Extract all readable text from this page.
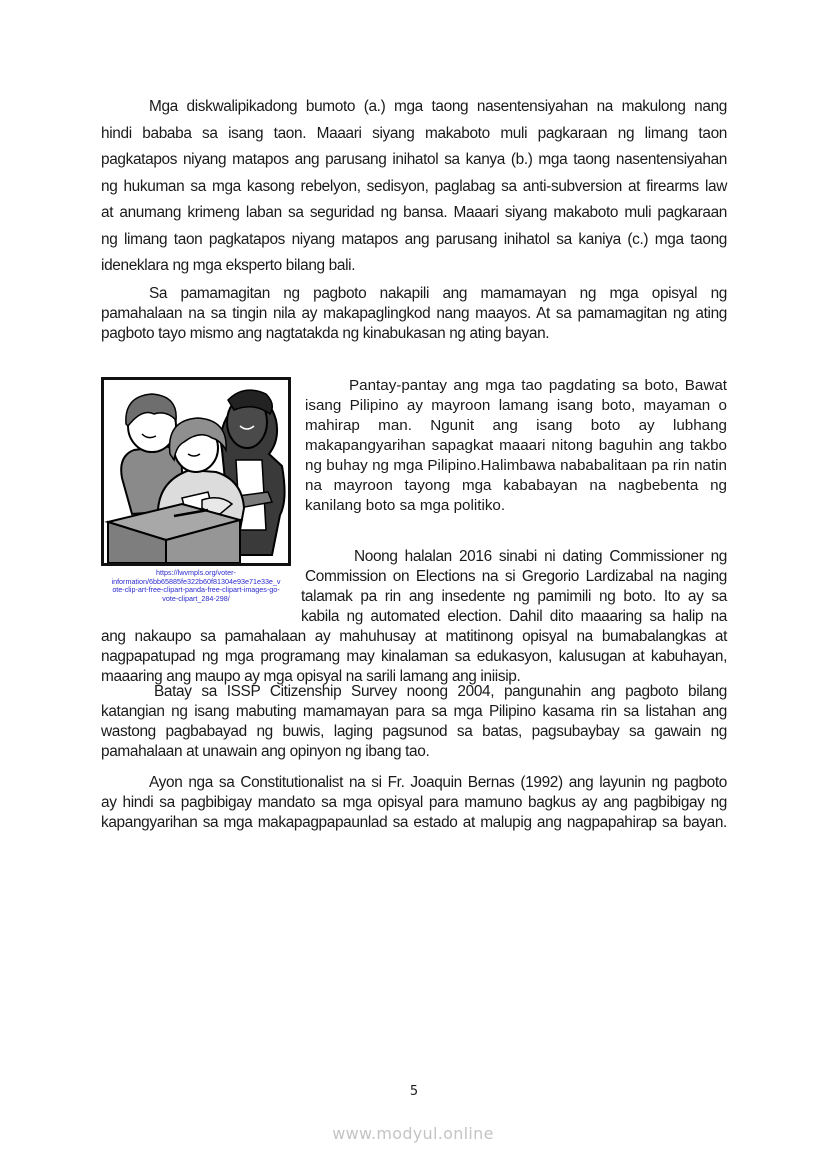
Mga diskwalipikadong bumoto (a.) mga taong nasentensiyahan na makulong nang
hindi bababa sa isang taon. Maaari siyang makaboto muli pagkaraan ng limang taon
pagkatapos niyang matapos ang parusang inihatol sa kanya (b.) mga taong nasentensiyahan
ng hukuman sa mga kasong rebelyon, sedisyon, paglabag sa anti-subversion at firearms law
at anumang krimeng laban sa seguridad ng bansa. Maaari siyang makaboto muli pagkaraan
ng limang taon pagkatapos niyang matapos ang parusang inihatol sa kaniya (c.) mga taong
ideneklara ng mga eksperto bilang bali.
Sa pamamagitan ng pagboto nakapili ang mamamayan ng mga opisyal ng
pamahalaan na sa tingin nila ay makapaglingkod nang maayos. At sa pamamagitan ng ating
pagboto tayo mismo ang nagtatakda ng kinabukasan ng ating bayan.
https://lwvmpls.org/voter-
information/6bb65885fe322b60f81304e93e71e33e_v
ote-clip-art-free-clipart-panda-free-clipart-images-go-
vote-clipart_284-298/
Pantay-pantay ang mga tao pagdating sa boto, Bawat
isang Pilipino ay mayroon lamang isang boto, mayaman o
mahirap man. Ngunit ang isang boto ay lubhang
makapangyarihan sapagkat maaari nitong baguhin ang takbo
ng buhay ng mga Pilipino.Halimbawa nababalitaan pa rin natin
na mayroon tayong mga kababayan na nagbebenta ng
kanilang boto sa mga politiko.
Noong halalan 2016 sinabi ni dating Commissioner ng
Commission on Elections na si Gregorio Lardizabal na naging
talamak pa rin ang insedente ng pamimili ng boto. Ito ay sa
kabila ng automated election. Dahil dito maaaring sa halip na
ang nakaupo sa pamahalaan ay mahuhusay at matitinong opisyal na bumabalangkas at
nagpapatupad ng mga programang may kinalaman sa edukasyon, kalusugan at kabuhayan,
maaaring ang maupo ay mga opisyal na sarili lamang ang iniisip.
Batay sa ISSP Citizenship Survey noong 2004, pangunahin ang pagboto bilang
katangian ng isang mabuting mamamayan para sa mga Pilipino kasama rin sa listahan ang
wastong pagbabayad ng buwis, laging pagsunod sa batas, pagsubaybay sa gawain ng
pamahalaan at unawain ang opinyon ng ibang tao.
Ayon nga sa Constitutionalist na si Fr. Joaquin Bernas (1992) ang layunin ng pagboto
ay hindi sa pagbibigay mandato sa mga opisyal para mamuno bagkus ay ang pagbibigay ng
kapangyarihan sa mga makapagpapaunlad sa estado at malupig ang nagpapahirap sa bayan.
5
www.modyul.online
